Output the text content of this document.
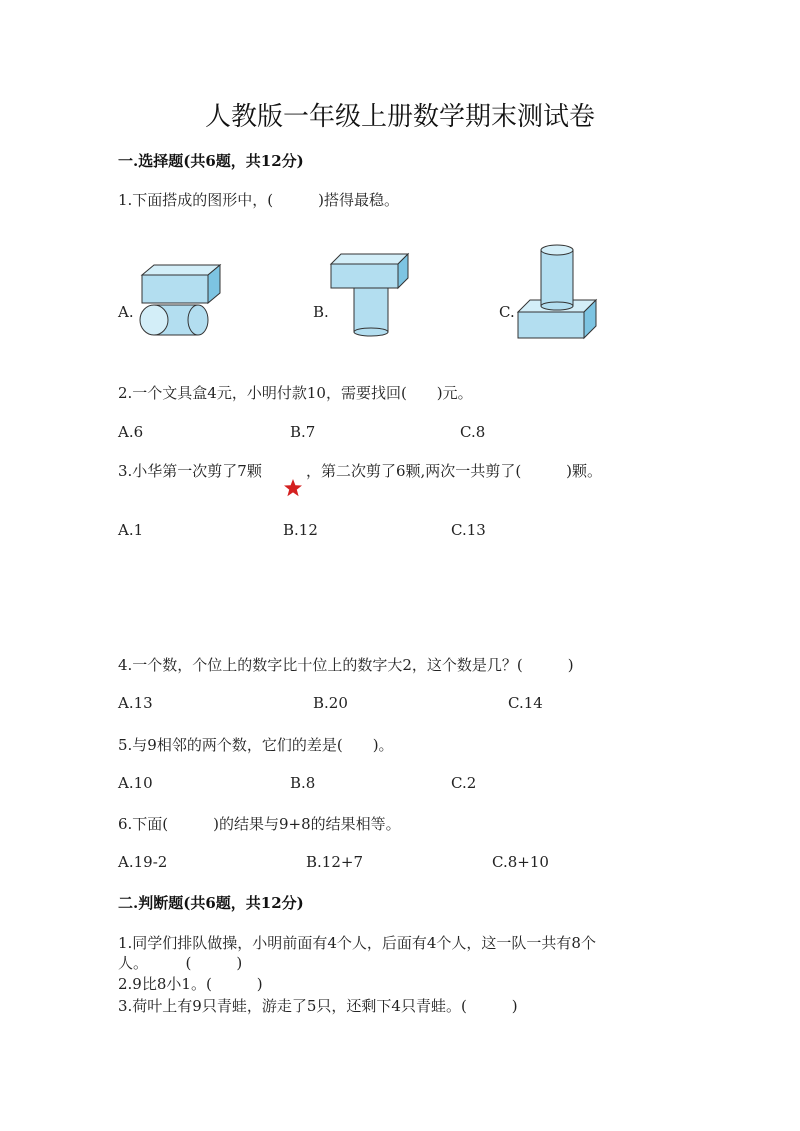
人教版一年级上册数学期末测试卷
一.选择题(共6题，共12分)
1.下面搭成的图形中，(　　　)搭得最稳。
A.	B.	C.
2.一个文具盒4元，小明付款10，需要找回(　　)元。
A.6	B.7	C.8
3.小华第一次剪了7颗	，第二次剪了6颗,两次一共剪了(　　　)颗。
A.1	B.12	C.13
4.一个数，个位上的数字比十位上的数字大2，这个数是几？(　　　)
A.13	B.20	C.14
5.与9相邻的两个数，它们的差是(　　)。
A.10	B.8	C.2
6.下面(　　　)的结果与9+8的结果相等。
A.19-2	B.12+7	C.8+10
二.判断题(共6题，共12分)
1.同学们排队做操，小明前面有4个人，后面有4个人，这一队一共有8个
人。　　　(　　　)
2.9比8小1。(　　　)
3.荷叶上有9只青蛙，游走了5只，还剩下4只青蛙。(　　　)
